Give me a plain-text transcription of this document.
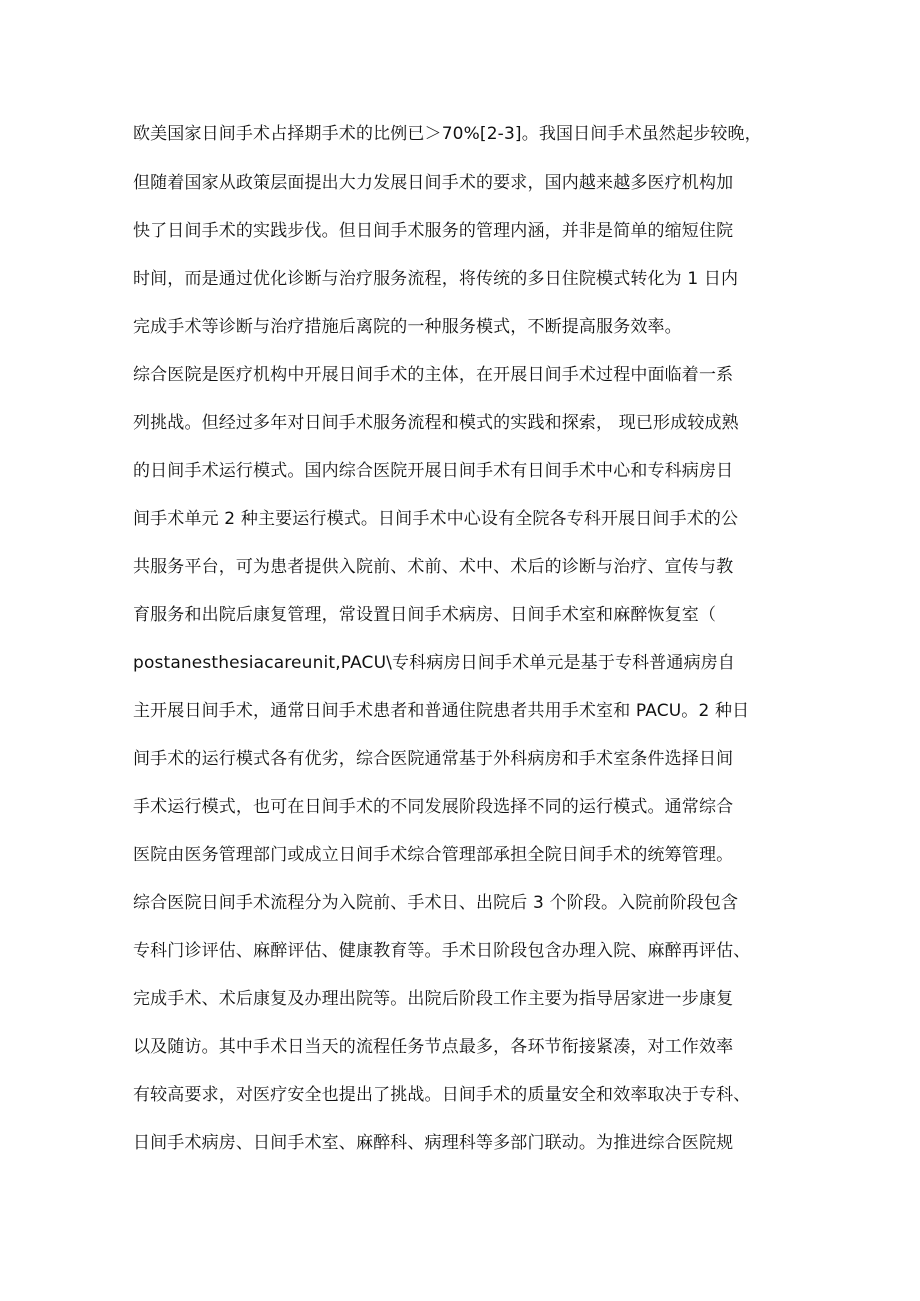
欧美国家日间手术占择期手术的比例已＞70%[2-3]。我国日间手术虽然起步较晚，
但随着国家从政策层面提出大力发展日间手术的要求，国内越来越多医疗机构加
快了日间手术的实践步伐。但日间手术服务的管理内涵，并非是简单的缩短住院
时间，而是通过优化诊断与治疗服务流程，将传统的多日住院模式转化为 1 日内
完成手术等诊断与治疗措施后离院的一种服务模式，不断提高服务效率。
综合医院是医疗机构中开展日间手术的主体，在开展日间手术过程中面临着一系
列挑战。但经过多年对日间手术服务流程和模式的实践和探索， 现已形成较成熟
的日间手术运行模式。国内综合医院开展日间手术有日间手术中心和专科病房日
间手术单元 2 种主要运行模式。日间手术中心设有全院各专科开展日间手术的公
共服务平台，可为患者提供入院前、术前、术中、术后的诊断与治疗、宣传与教
育服务和出院后康复管理，常设置日间手术病房、日间手术室和麻醉恢复室（
postanesthesiacareunit,PACU\专科病房日间手术单元是基于专科普通病房自
主开展日间手术，通常日间手术患者和普通住院患者共用手术室和 PACU。2 种日
间手术的运行模式各有优劣，综合医院通常基于外科病房和手术室条件选择日间
手术运行模式，也可在日间手术的不同发展阶段选择不同的运行模式。通常综合
医院由医务管理部门或成立日间手术综合管理部承担全院日间手术的统筹管理。
综合医院日间手术流程分为入院前、手术日、出院后 3 个阶段。入院前阶段包含
专科门诊评估、麻醉评估、健康教育等。手术日阶段包含办理入院、麻醉再评估、
完成手术、术后康复及办理出院等。出院后阶段工作主要为指导居家进一步康复
以及随访。其中手术日当天的流程任务节点最多，各环节衔接紧凑，对工作效率
有较高要求，对医疗安全也提出了挑战。日间手术的质量安全和效率取决于专科、
日间手术病房、日间手术室、麻醉科、病理科等多部门联动。为推进综合医院规
